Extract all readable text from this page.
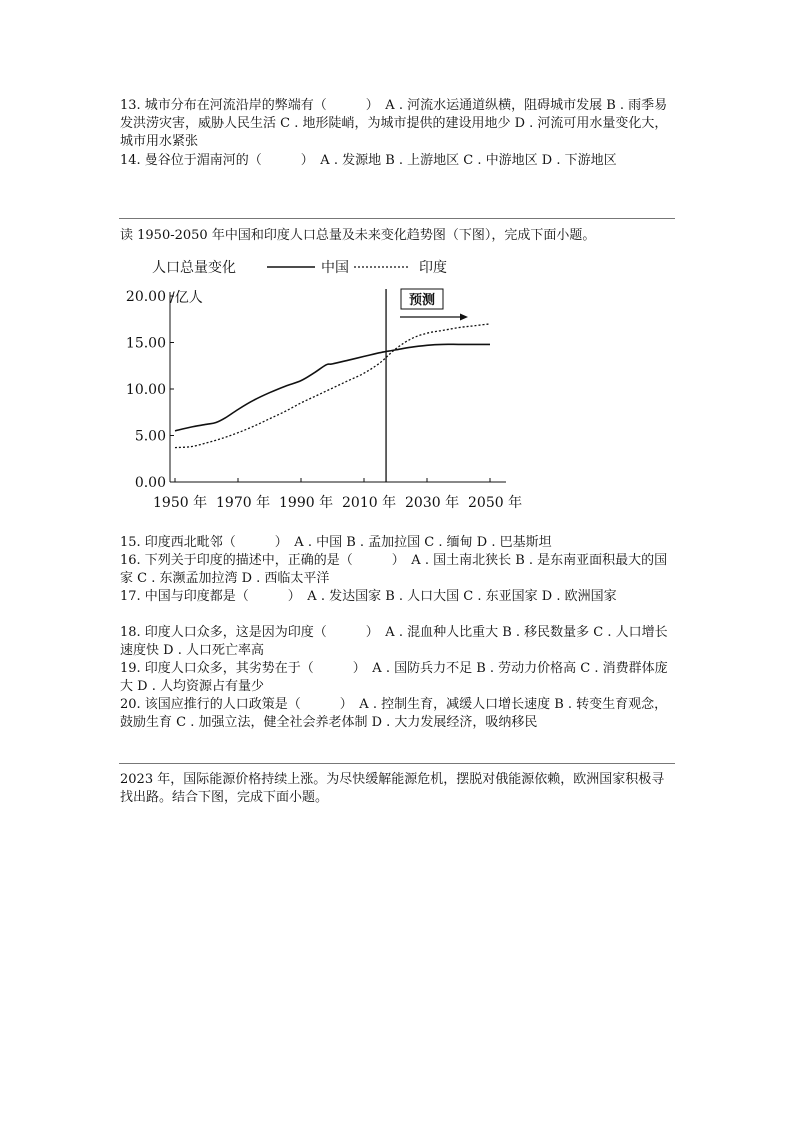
13. 城市分布在河流沿岸的弊端有（　　　）　A . 河流水运通道纵横，阻碍城市发展 B . 雨季易发洪涝灾害，威胁人民生活 C . 地形陡峭，为城市提供的建设用地少 D . 河流可用水量变化大，城市用水紧张
14. 曼谷位于湄南河的（　　　）　A . 发源地 B . 上游地区 C . 中游地区 D . 下游地区
读 1950-2050 年中国和印度人口总量及未来变化趋势图（下图），完成下面小题。
人口总量变化	中国	印度
/亿人
20.00
15.00
10.00
5.00
0.00
1950 年 1970 年 1990 年 2010 年 2030 年 2050 年
预测
15. 印度西北毗邻（　　　）　A . 中国 B . 孟加拉国 C . 缅甸 D . 巴基斯坦
16. 下列关于印度的描述中，正确的是（　　　）　A . 国土南北狭长 B . 是东南亚面积最大的国家 C . 东濒孟加拉湾 D . 西临太平洋
17. 中国与印度都是（　　　）　A . 发达国家 B . 人口大国 C . 东亚国家 D . 欧洲国家
18. 印度人口众多，这是因为印度（　　　）　A . 混血种人比重大 B . 移民数量多 C . 人口增长速度快 D . 人口死亡率高
19. 印度人口众多，其劣势在于（　　　）　A . 国防兵力不足 B . 劳动力价格高 C . 消费群体庞大 D . 人均资源占有量少
20. 该国应推行的人口政策是（　　　）　A . 控制生育，减缓人口增长速度 B . 转变生育观念，鼓励生育 C . 加强立法，健全社会养老体制 D . 大力发展经济，吸纳移民
2023 年，国际能源价格持续上涨。为尽快缓解能源危机，摆脱对俄能源依赖，欧洲国家积极寻找出路。结合下图，完成下面小题。
